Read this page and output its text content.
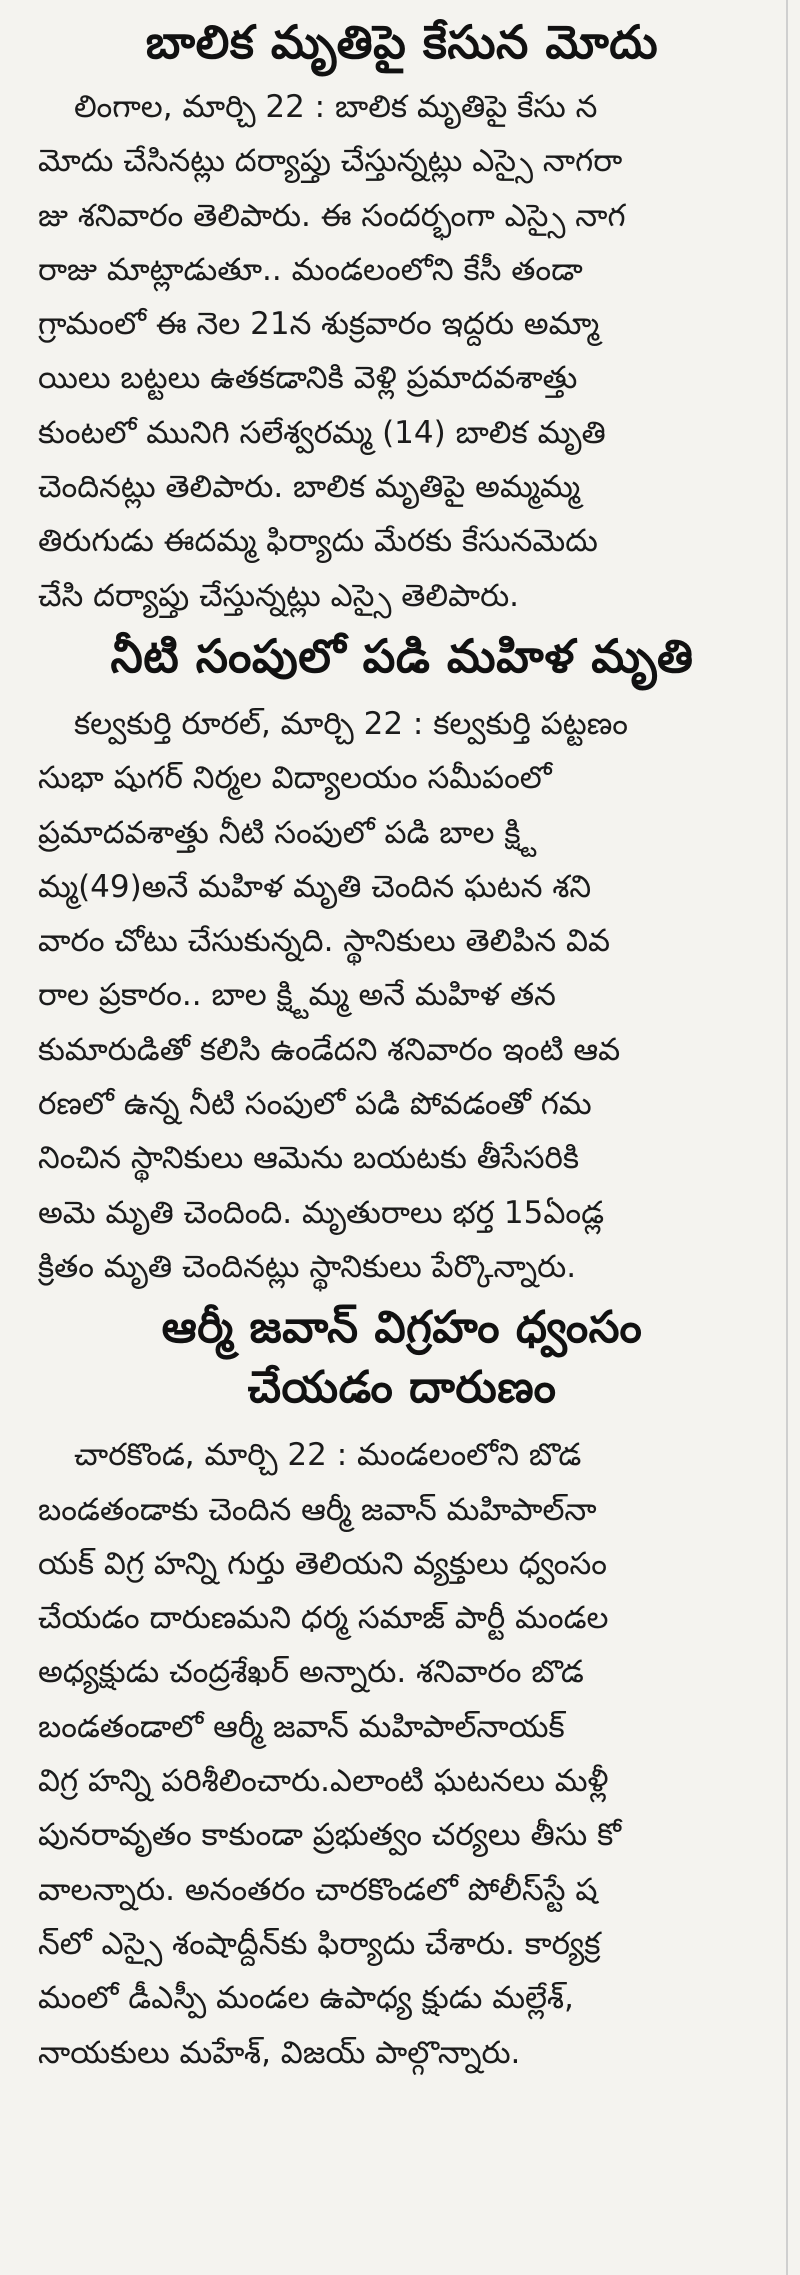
బాలిక మృతిపై కేసున మోదు
లింగాల, మార్చి 22 : బాలిక మృతిపై కేసు న
మోదు చేసినట్లు దర్యాప్తు చేస్తున్నట్లు ఎస్సై నాగరా
జు శనివారం తెలిపారు. ఈ సందర్భంగా ఎస్సై నాగ
రాజు మాట్లాడుతూ.. మండలంలోని కేసీ తండా
గ్రామంలో ఈ నెల 21న శుక్రవారం ఇద్దరు అమ్మా
యిలు బట్టలు ఉతకడానికి వెళ్లి ప్రమాదవశాత్తు
కుంటలో మునిగి సలేశ్వరమ్మ (14) బాలిక మృతి
చెందినట్లు తెలిపారు. బాలిక మృతిపై అమ్మమ్మ
తిరుగుడు ఈదమ్మ ఫిర్యాదు మేరకు కేసునమెదు
చేసి దర్యాప్తు చేస్తున్నట్లు ఎస్సై తెలిపారు.
నీటి సంపులో పడి మహిళ మృతి
కల్వకుర్తి రూరల్, మార్చి 22 : కల్వకుర్తి పట్టణం
సుభా షుగర్ నిర్మల విద్యాలయం సమీపంలో
ప్రమాదవశాత్తు నీటి సంపులో పడి బాల క్ష్టి
మ్మ(49)అనే మహిళ మృతి చెందిన ఘటన శని
వారం చోటు చేసుకున్నది. స్థానికులు తెలిపిన వివ
రాల ప్రకారం.. బాల క్ష్టిమ్మ అనే మహిళ తన
కుమారుడితో కలిసి ఉండేదని శనివారం ఇంటి ఆవ
రణలో ఉన్న నీటి సంపులో పడి పోవడంతో గమ
నించిన స్థానికులు ఆమెను బయటకు తీసేసరికి
అమె మృతి చెందింది. మృతురాలు భర్త 15ఏండ్ల
క్రితం మృతి చెందినట్లు స్థానికులు పేర్కొన్నారు.
ఆర్మీ జవాన్ విగ్రహం ధ్వంసం
చేయడం దారుణం
చారకొండ, మార్చి 22 : మండలంలోని బొడ
బండతండాకు చెందిన ఆర్మీ జవాన్ మహిపాల్‌నా
యక్ విగ్ర హన్ని గుర్తు తెలియని వ్యక్తులు ధ్వంసం
చేయడం దారుణమని ధర్మ సమాజ్ పార్టీ మండల
అధ్యక్షుడు చంద్రశేఖర్ అన్నారు. శనివారం బొడ
బండతండాలో ఆర్మీ జవాన్ మహిపాల్‌నాయక్
విగ్ర హన్ని పరిశీలించారు.ఎలాంటి ఘటనలు మళ్లీ
పునరావృతం కాకుండా ప్రభుత్వం చర్యలు తీసు కో
వాలన్నారు. అనంతరం చారకొండలో పోలీస్‌స్టే ష
న్‌లో ఎస్సై శంషాద్దీన్‌కు ఫిర్యాదు చేశారు. కార్యక్ర
మంలో డీఎస్పీ మండల ఉపాధ్య క్షుడు మల్లేశ్,
నాయకులు మహేశ్, విజయ్ పాల్గొన్నారు.
